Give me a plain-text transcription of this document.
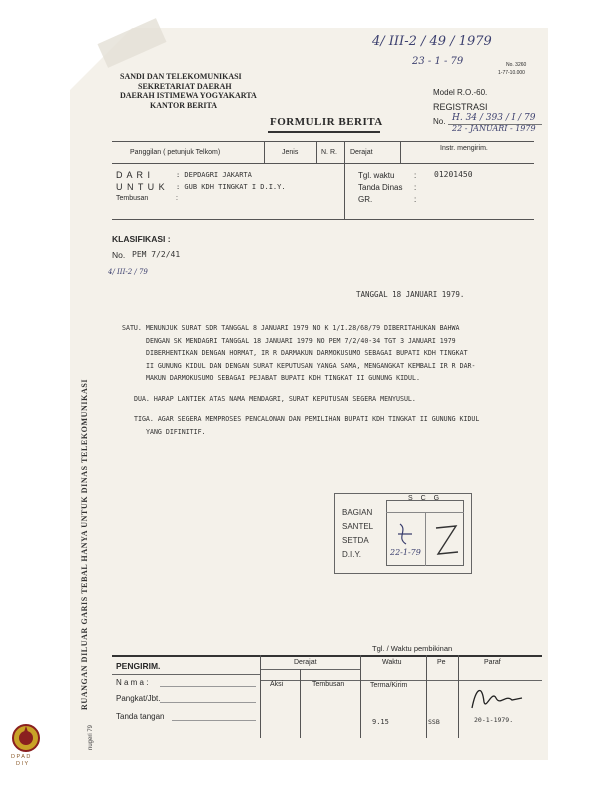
4/ III-2 / 49 / 1979
23 - 1 - 79
SANDI DAN TELEKOMUNIKASI
SEKRETARIAT DAERAH
DAERAH ISTIMEWA YOGYAKARTA
KANTOR BERITA
No. 3260
1-77-10.000
Model R.O.-60.
REGISTRASI
No. H. 34 / 393 / I / 79
22 - JANUARI - 1979
FORMULIR BERITA
Panggilan ( petunjuk Telkom)	Jenis	N. R. Derajat
Instr. mengirim.
D A R I	: DEPDAGRI JAKARTA
U N T U K : GUB KDH TINGKAT I D.I.Y.
Tembusan	:
Tgl. waktu : 01201450
Tanda Dinas :
GR.	:
KLASIFIKASI :
No. PEM 7/2/41
4/ III-2 / 79
TANGGAL 18 JANUARI 1979.
SATU. MENUNJUK SURAT SDR TANGGAL 8 JANUARI 1979 NO K 1/I.28/68/79 DIBERITAHUKAN BAHWA
DENGAN SK MENDAGRI TANGGAL 18 JANUARI 1979 NO PEM 7/2/40-34 TGT 3 JANUARI 1979
DIBERHENTIKAN DENGAN HORMAT, IR R DARMAKUN DARMOKUSUMO SEBAGAI BUPATI KDH TINGKAT
II GUNUNG KIDUL DAN DENGAN SURAT KEPUTUSAN YANGA SAMA, MENGANGKAT KEMBALI IR R DAR-
MAKUN DARMOKUSUMO SEBAGAI PEJABAT BUPATI KDH TINGKAT II GUNUNG KIDUL.
DUA. HARAP LANTIEK ATAS NAMA MENDAGRI, SURAT KEPUTUSAN SEGERA MENYUSUL.
TIGA. AGAR SEGERA MEMPROSES PENCALONAN DAN PEMILIHAN BUPATI KDH TINGKAT II GUNUNG KIDUL
YANG DIFINITIF.
BAGIAN
SANTEL
SETDA
D.I.Y.
S C G
22-1-79
Tgl. / Waktu pembikinan
PENGIRIM.
N a m a :
Pangkat/Jbt.
Tanda tangan
Derajat
Aksi	Tembusan
Waktu
Terma/Kirim
Pe	Paraf
9.15	SSB	20-1-1979.
RUANGAN DILUAR GARIS TEBAL HANYA UNTUK DINAS TELEKOMUNIKASI
nugeri 79
DPAD
DIY
